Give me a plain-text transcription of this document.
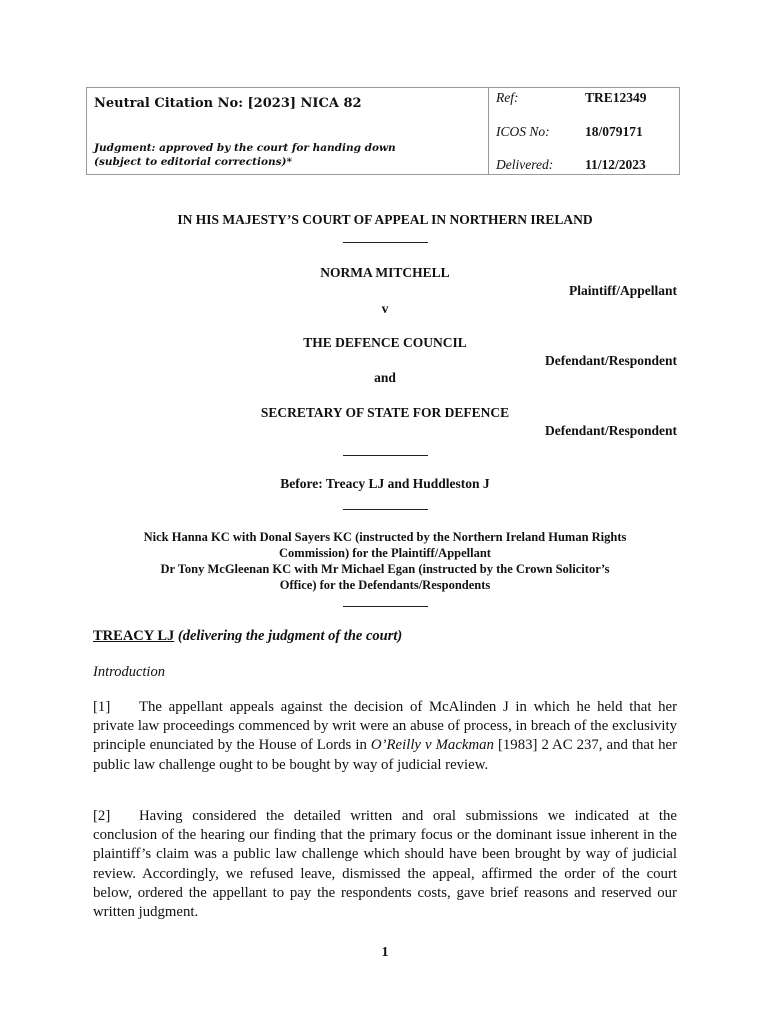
Neutral Citation No: [2023] NICA 82
Judgment: approved by the court for handing down
(subject to editorial corrections)*
Ref:	TRE12349
ICOS No:	18/079171
Delivered: 11/12/2023
IN HIS MAJESTY’S COURT OF APPEAL IN NORTHERN IRELAND
NORMA MITCHELL
Plaintiff/Appellant
v
THE DEFENCE COUNCIL
Defendant/Respondent
and
SECRETARY OF STATE FOR DEFENCE
Defendant/Respondent
Before: Treacy LJ and Huddleston J
Nick Hanna KC with Donal Sayers KC (instructed by the Northern Ireland Human Rights
Commission) for the Plaintiff/Appellant
Dr Tony McGleenan KC with Mr Michael Egan (instructed by the Crown Solicitor’s
Office) for the Defendants/Respondents
TREACY LJ (delivering the judgment of the court)
Introduction
[1] The appellant appeals against the decision of McAlinden J in which he held that her private law proceedings commenced by writ were an abuse of process, in breach of the exclusivity principle enunciated by the House of Lords in O’Reilly v Mackman [1983] 2 AC 237, and that her public law challenge ought to be bought by way of judicial review.
[2] Having considered the detailed written and oral submissions we indicated at the conclusion of the hearing our finding that the primary focus or the dominant issue inherent in the plaintiff’s claim was a public law challenge which should have been brought by way of judicial review. Accordingly, we refused leave, dismissed the appeal, affirmed the order of the court below, ordered the appellant to pay the respondents costs, gave brief reasons and reserved our written judgment.
1
